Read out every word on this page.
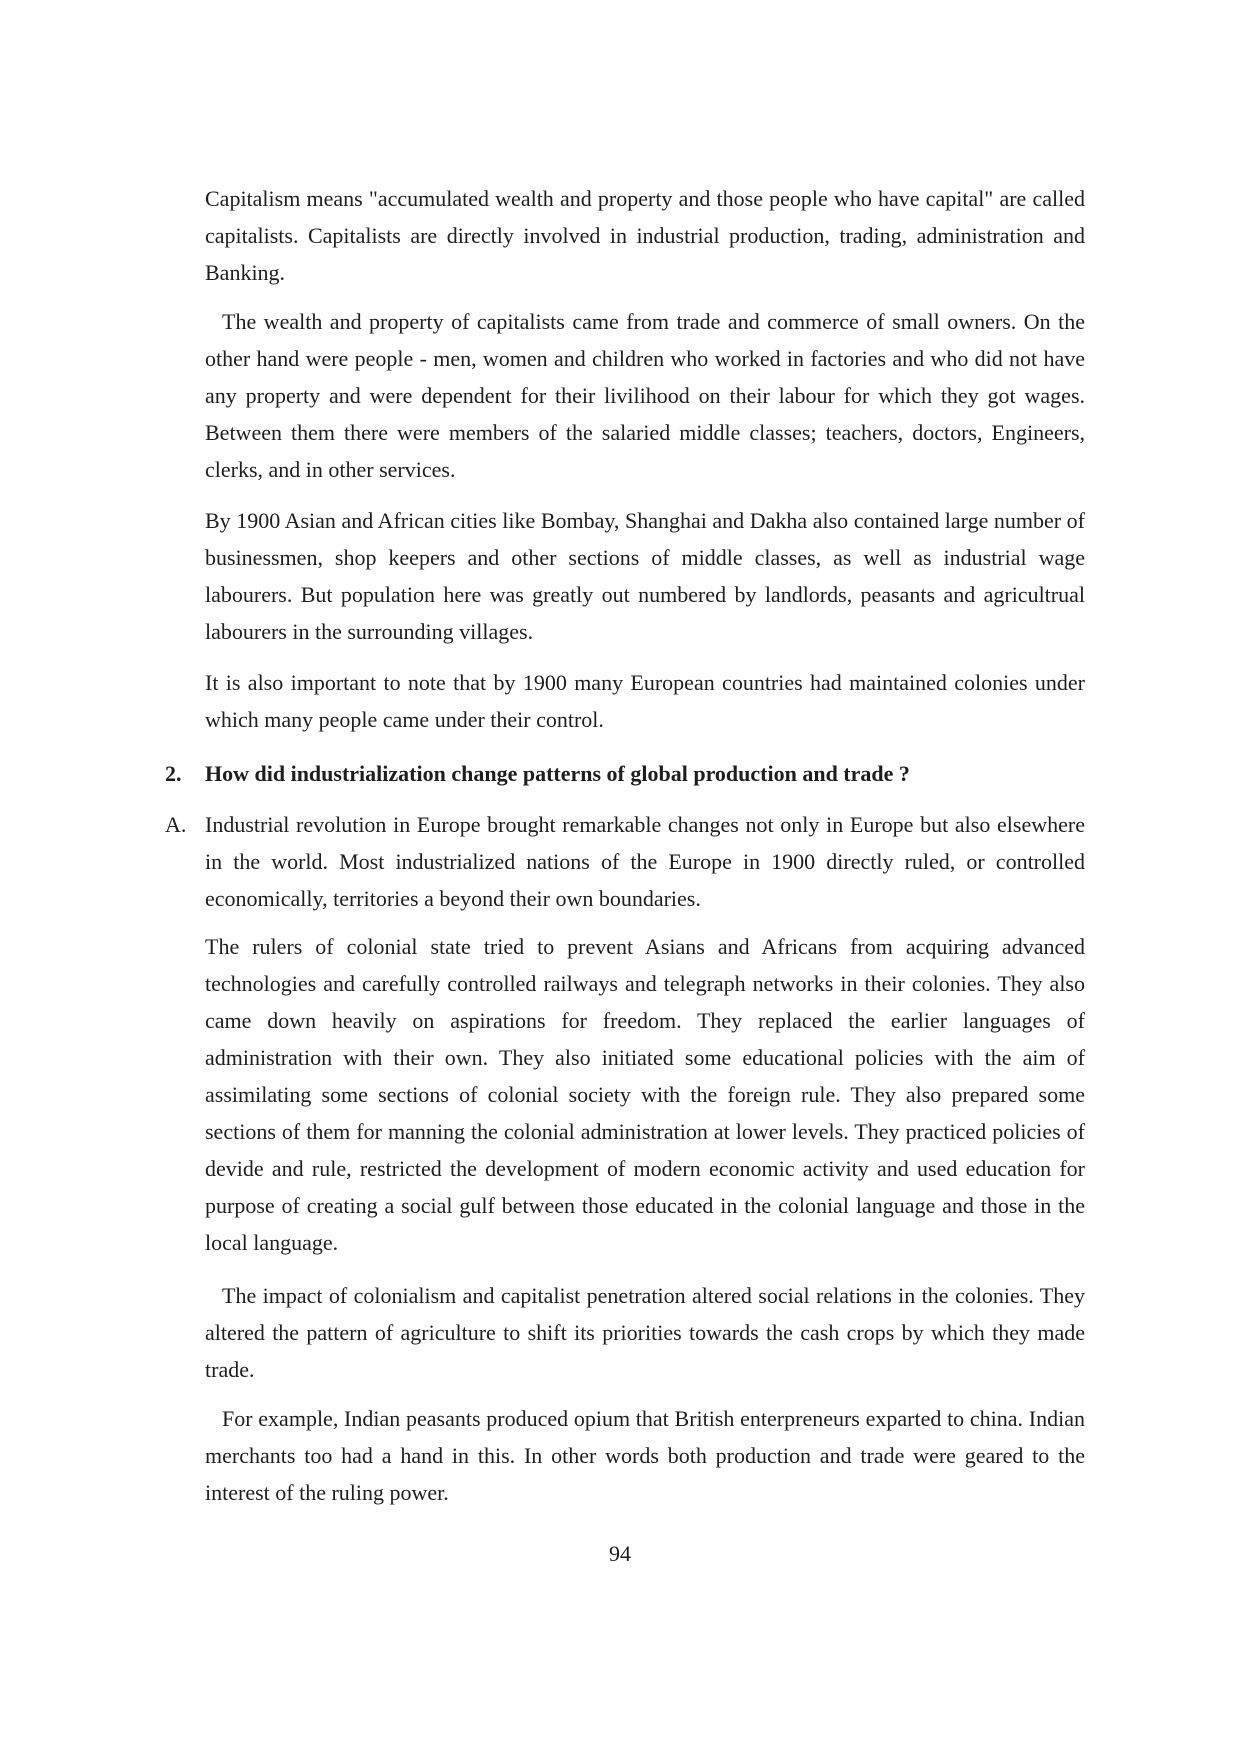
Capitalism means "accumulated wealth and property and those people who have capital" are called capitalists. Capitalists are directly involved in industrial production, trading, administration and Banking.

The wealth and property of capitalists came from trade and commerce of small owners. On the other hand were people - men, women and children who worked in factories and who did not have any property and were dependent for their livilihood on their labour for which they got wages. Between them there were members of the salaried middle classes; teachers, doctors, Engineers, clerks, and in other services.

By 1900 Asian and African cities like Bombay, Shanghai and Dakha also contained large number of businessmen, shop keepers and other sections of middle classes, as well as industrial wage labourers. But population here was greatly out numbered by landlords, peasants and agricultrual labourers in the surrounding villages.

It is also important to note that by 1900 many European countries had maintained colonies under which many people came under their control.

2. How did industrialization change patterns of global production and trade ?

A. Industrial revolution in Europe brought remarkable changes not only in Europe but also elsewhere in the world. Most industrialized nations of the Europe in 1900 directly ruled, or controlled economically, territories a beyond their own boundaries.

The rulers of colonial state tried to prevent Asians and Africans from acquiring advanced technologies and carefully controlled railways and telegraph networks in their colonies. They also came down heavily on aspirations for freedom. They replaced the earlier languages of administration with their own. They also initiated some educational policies with the aim of assimilating some sections of colonial society with the foreign rule. They also prepared some sections of them for manning the colonial administration at lower levels. They practiced policies of devide and rule, restricted the development of modern economic activity and used education for purpose of creating a social gulf between those educated in the colonial language and those in the local language.

The impact of colonialism and capitalist penetration altered social relations in the colonies. They altered the pattern of agriculture to shift its priorities towards the cash crops by which they made trade.

For example, Indian peasants produced opium that British enterpreneurs exparted to china. Indian merchants too had a hand in this. In other words both production and trade were geared to the interest of the ruling power.

94
